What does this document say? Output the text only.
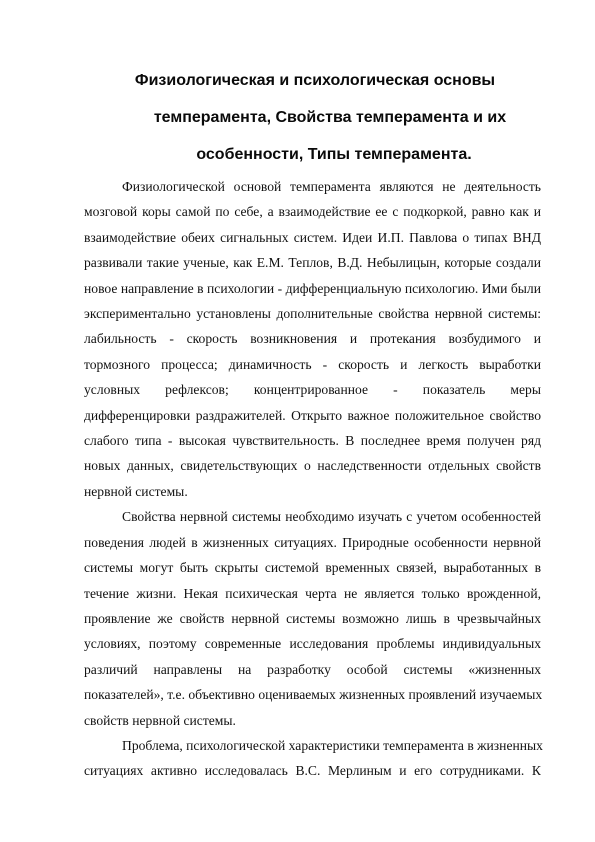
Физиологическая и психологическая основы
темперамента, Свойства темперамента и их
особенности, Типы темперамента.

Физиологической основой темперамента являются не деятельность
мозговой коры самой по себе, а взаимодействие ее с подкоркой, равно как и
взаимодействие обеих сигнальных систем. Идеи И.П. Павлова о типах ВНД
развивали такие ученые, как Е.М. Теплов, В.Д. Небылицын, которые создали
новое направление в психологии - дифференциальную психологию. Ими были
экспериментально установлены дополнительные свойства нервной системы:
лабильность - скорость возникновения и протекания возбудимого и
тормозного процесса; динамичность - скорость и легкость выработки
условных рефлексов; концентрированное - показатель меры
дифференцировки раздражителей. Открыто важное положительное свойство
слабого типа - высокая чувствительность. В последнее время получен ряд
новых данных, свидетельствующих о наследственности отдельных свойств
нервной системы.

Свойства нервной системы необходимо изучать с учетом особенностей
поведения людей в жизненных ситуациях. Природные особенности нервной
системы могут быть скрыты системой временных связей, выработанных в
течение жизни. Некая психическая черта не является только врожденной,
проявление же свойств нервной системы возможно лишь в чрезвычайных
условиях, поэтому современные исследования проблемы индивидуальных
различий направлены на разработку особой системы «жизненных
показателей», т.е. объективно оцениваемых жизненных проявлений изучаемых
свойств нервной системы.

Проблема, психологической характеристики темперамента в жизненных
ситуациях активно исследовалась В.С. Мерлиным и его сотрудниками. К
